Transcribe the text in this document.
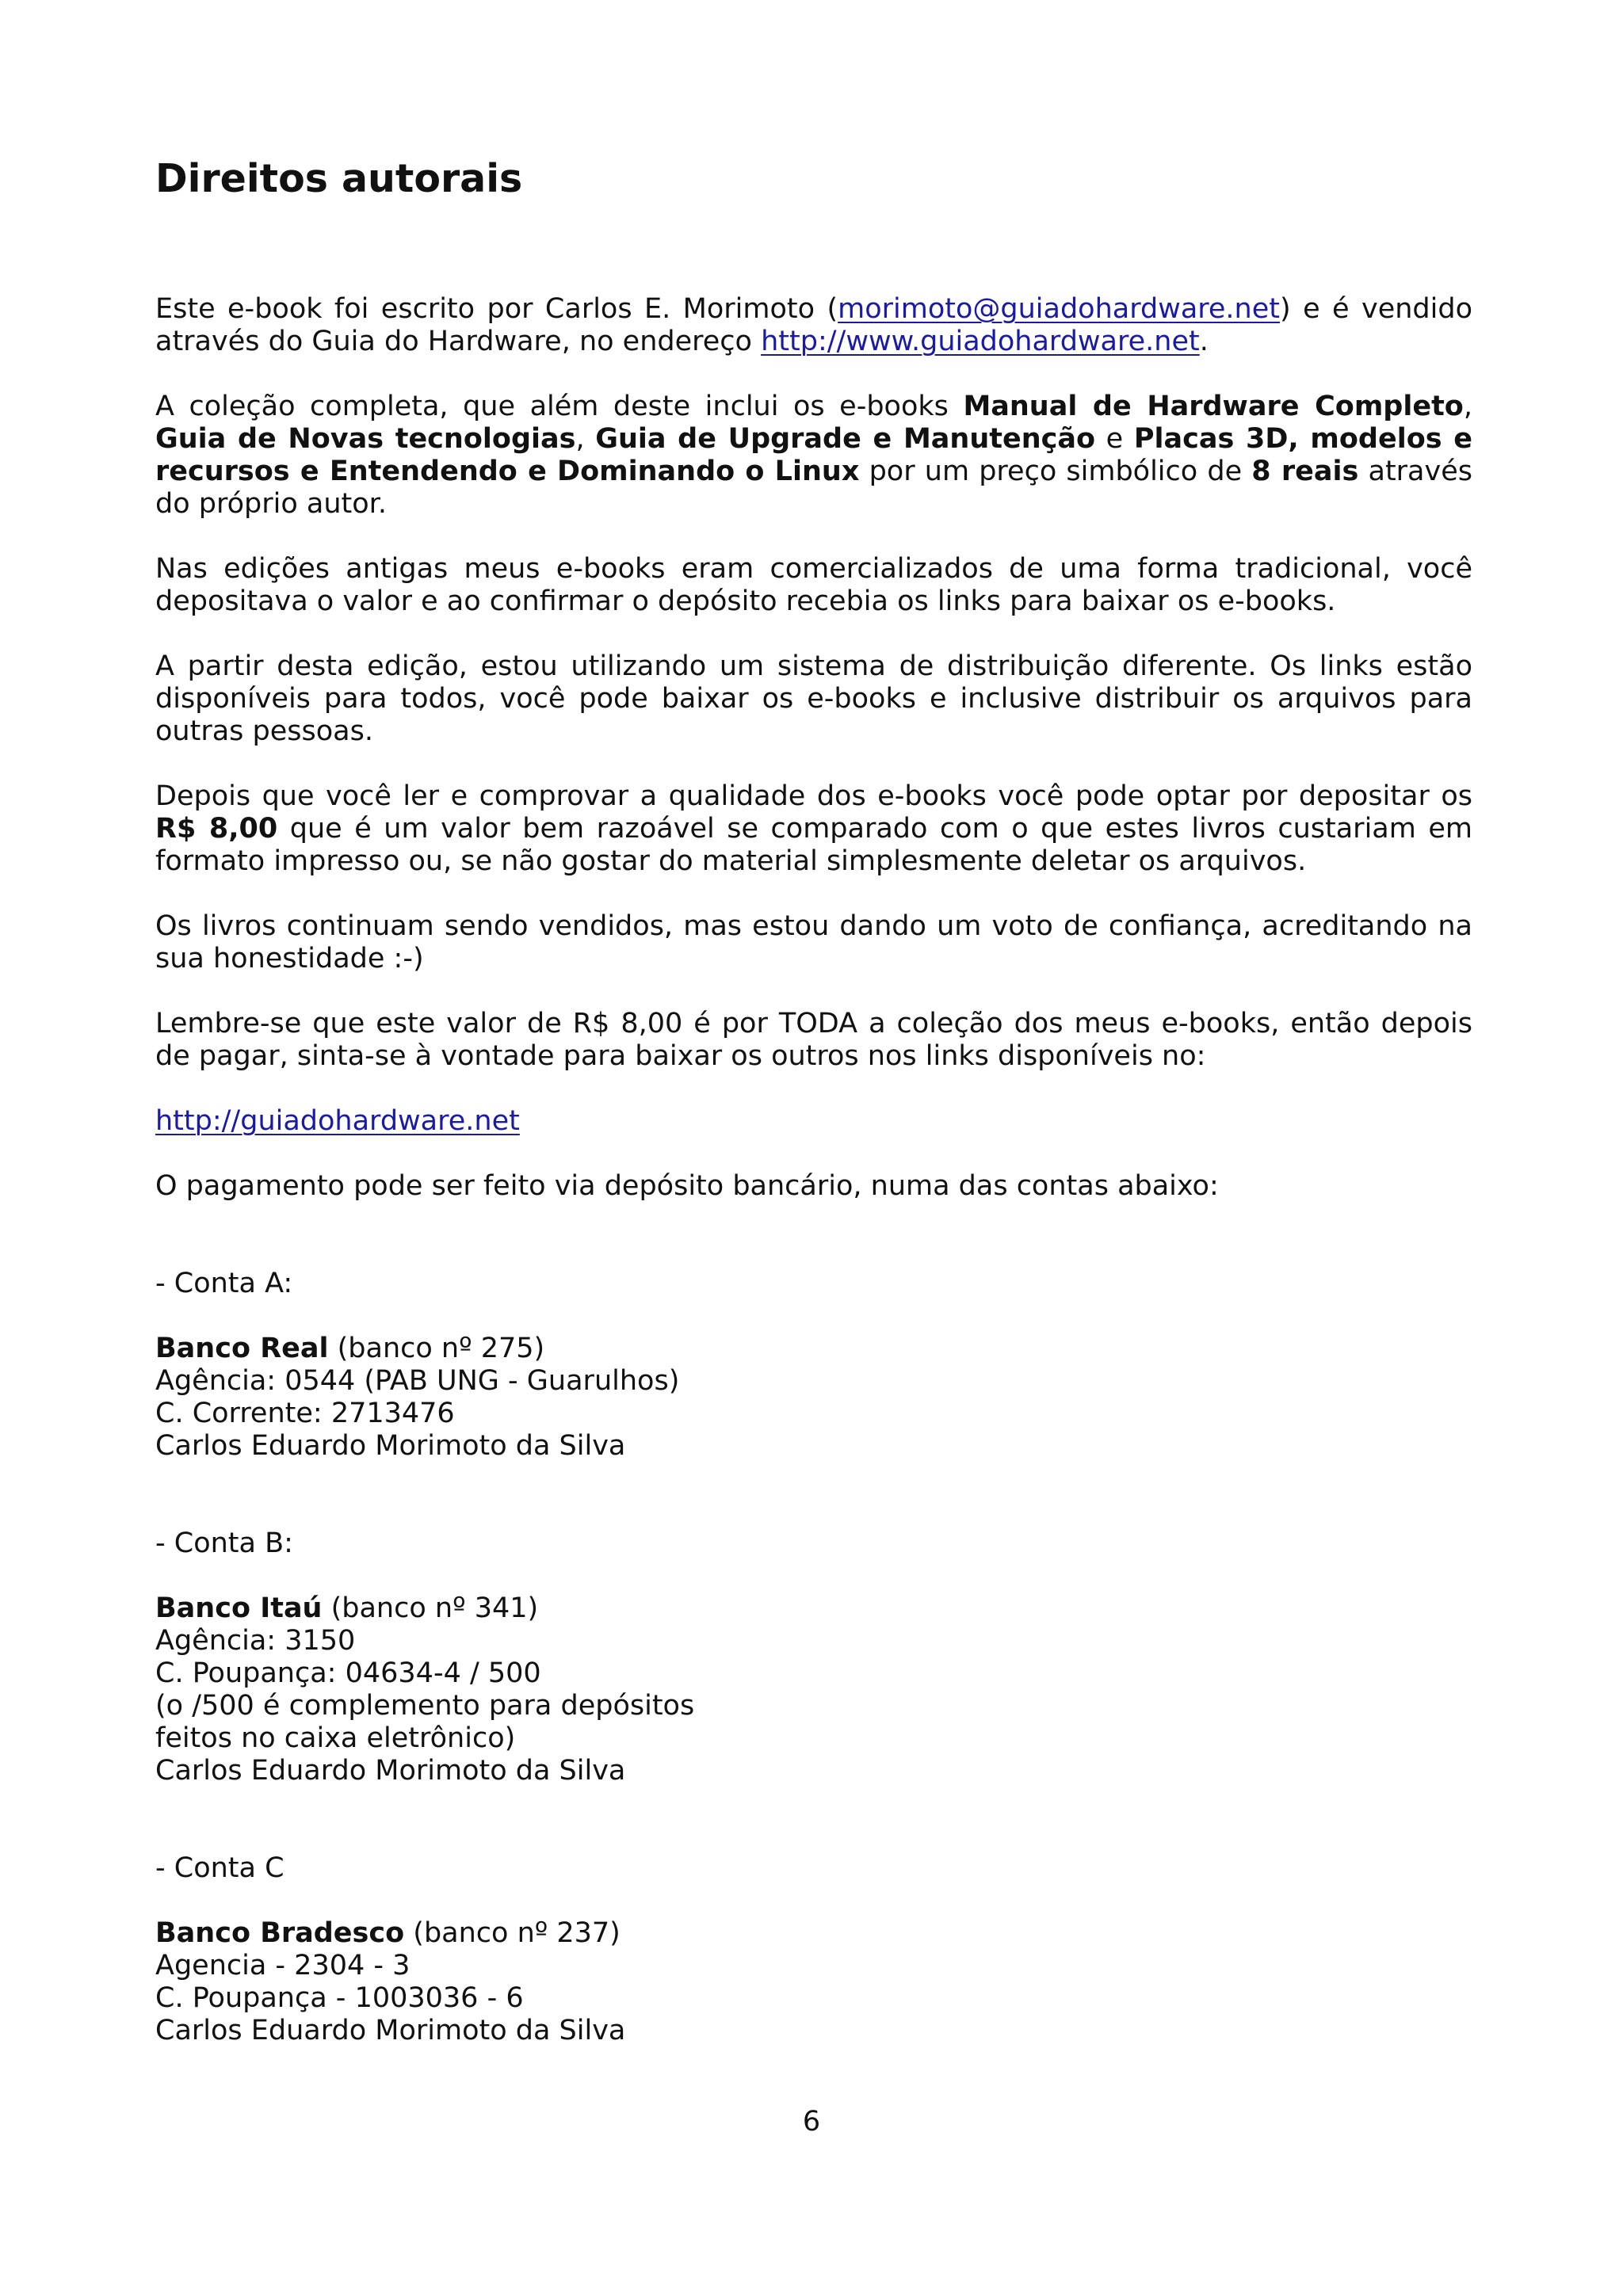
Direitos autorais

Este e-book foi escrito por Carlos E. Morimoto (morimoto@guiadohardware.net) e é vendido através do Guia do Hardware, no endereço http://www.guiadohardware.net.

A coleção completa, que além deste inclui os e-books Manual de Hardware Completo, Guia de Novas tecnologias, Guia de Upgrade e Manutenção e Placas 3D, modelos e recursos e Entendendo e Dominando o Linux por um preço simbólico de 8 reais através do próprio autor.

Nas edições antigas meus e-books eram comercializados de uma forma tradicional, você depositava o valor e ao confirmar o depósito recebia os links para baixar os e-books.

A partir desta edição, estou utilizando um sistema de distribuição diferente. Os links estão disponíveis para todos, você pode baixar os e-books e inclusive distribuir os arquivos para outras pessoas.

Depois que você ler e comprovar a qualidade dos e-books você pode optar por depositar os R$ 8,00 que é um valor bem razoável se comparado com o que estes livros custariam em formato impresso ou, se não gostar do material simplesmente deletar os arquivos.

Os livros continuam sendo vendidos, mas estou dando um voto de confiança, acreditando na sua honestidade :-)

Lembre-se que este valor de R$ 8,00 é por TODA a coleção dos meus e-books, então depois de pagar, sinta-se à vontade para baixar os outros nos links disponíveis no:

http://guiadohardware.net

O pagamento pode ser feito via depósito bancário, numa das contas abaixo:

- Conta A:

Banco Real (banco nº 275)
Agência: 0544 (PAB UNG - Guarulhos)
C. Corrente: 2713476
Carlos Eduardo Morimoto da Silva

- Conta B:

Banco Itaú (banco nº 341)
Agência: 3150
C. Poupança: 04634-4 / 500
(o /500 é complemento para depósitos
feitos no caixa eletrônico)
Carlos Eduardo Morimoto da Silva

- Conta C

Banco Bradesco (banco nº 237)
Agencia - 2304 - 3
C. Poupança - 1003036 - 6
Carlos Eduardo Morimoto da Silva

6
